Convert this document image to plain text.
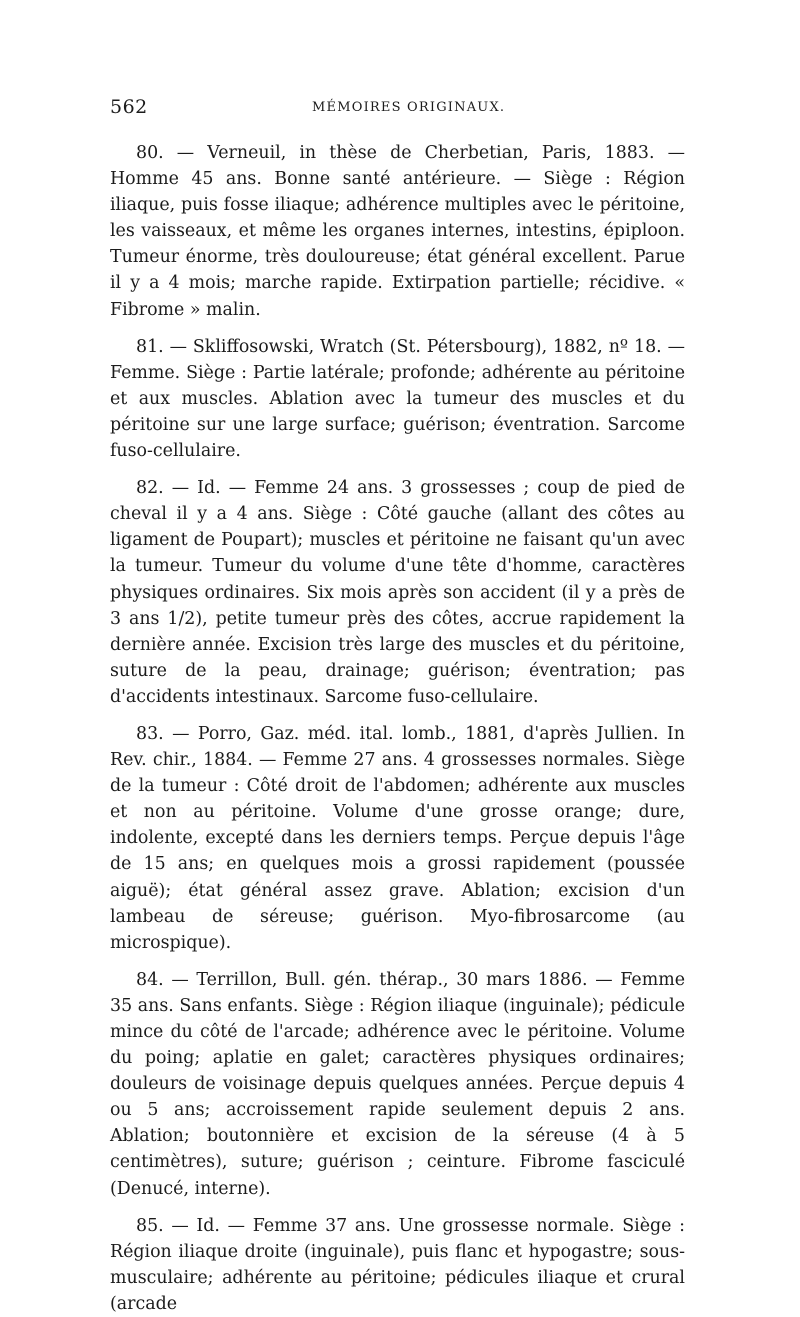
562	MÉMOIRES ORIGINAUX.

80. — Verneuil, in thèse de Cherbetian, Paris, 1883. — Homme 45 ans. Bonne santé antérieure. — Siège : Région iliaque, puis fosse iliaque; adhérence multiples avec le péritoine, les vaisseaux, et même les organes internes, intestins, épiploon. Tumeur énorme, très douloureuse; état général excellent. Parue il y a 4 mois; marche rapide. Extirpation partielle; récidive. « Fibrome » malin.

81. — Skliffosowski, Wratch (St. Pétersbourg), 1882, nº 18. — Femme. Siège : Partie latérale; profonde; adhérente au péritoine et aux muscles. Ablation avec la tumeur des muscles et du péritoine sur une large surface; guérison; éventration. Sarcome fuso-cellulaire.

82. — Id. — Femme 24 ans. 3 grossesses ; coup de pied de cheval il y a 4 ans. Siège : Côté gauche (allant des côtes au ligament de Poupart); muscles et péritoine ne faisant qu'un avec la tumeur. Tumeur du volume d'une tête d'homme, caractères physiques ordinaires. Six mois après son accident (il y a près de 3 ans 1/2), petite tumeur près des côtes, accrue rapidement la dernière année. Excision très large des muscles et du péritoine, suture de la peau, drainage; guérison; éventration; pas d'accidents intestinaux. Sarcome fuso-cellulaire.

83. — Porro, Gaz. méd. ital. lomb., 1881, d'après Jullien. In Rev. chir., 1884. — Femme 27 ans. 4 grossesses normales. Siège de la tumeur : Côté droit de l'abdomen; adhérente aux muscles et non au péritoine. Volume d'une grosse orange; dure, indolente, excepté dans les derniers temps. Perçue depuis l'âge de 15 ans; en quelques mois a grossi rapidement (poussée aiguë); état général assez grave. Ablation; excision d'un lambeau de séreuse; guérison. Myo-fibrosarcome (au microspique).

84. — Terrillon, Bull. gén. thérap., 30 mars 1886. — Femme 35 ans. Sans enfants. Siège : Région iliaque (inguinale); pédicule mince du côté de l'arcade; adhérence avec le péritoine. Volume du poing; aplatie en galet; caractères physiques ordinaires; douleurs de voisinage depuis quelques années. Perçue depuis 4 ou 5 ans; accroissement rapide seulement depuis 2 ans. Ablation; boutonnière et excision de la séreuse (4 à 5 centimètres), suture; guérison ; ceinture. Fibrome fasciculé (Denucé, interne).

85. — Id. — Femme 37 ans. Une grossesse normale. Siège : Région iliaque droite (inguinale), puis flanc et hypogastre; sous-musculaire; adhérente au péritoine; pédicules iliaque et crural (arcade
